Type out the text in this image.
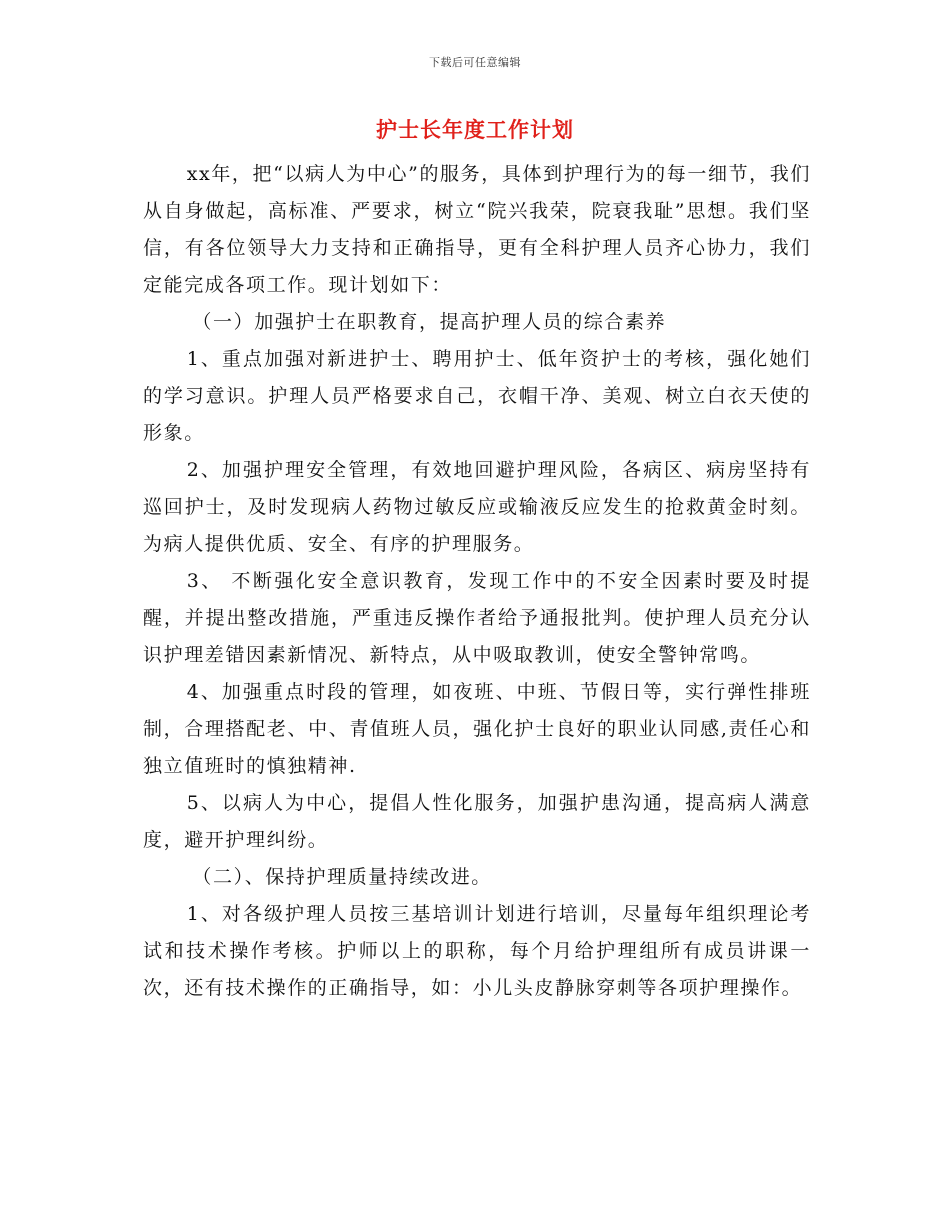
下载后可任意编辑
护士长年度工作计划

xx年，把“以病人为中心”的服务，具体到护理行为的每一细节，我们从自身做起，高标准、严要求，树立“院兴我荣，院衰我耻”思想。我们坚信，有各位领导大力支持和正确指导，更有全科护理人员齐心协力，我们定能完成各项工作。现计划如下：

（一）加强护士在职教育，提高护理人员的综合素养

1、重点加强对新进护士、聘用护士、低年资护士的考核，强化她们的学习意识。护理人员严格要求自己，衣帽干净、美观、树立白衣天使的形象。

2、加强护理安全管理，有效地回避护理风险，各病区、病房坚持有巡回护士，及时发现病人药物过敏反应或输液反应发生的抢救黄金时刻。为病人提供优质、安全、有序的护理服务。

3、 不断强化安全意识教育，发现工作中的不安全因素时要及时提醒，并提出整改措施，严重违反操作者给予通报批判。使护理人员充分认识护理差错因素新情况、新特点，从中吸取教训，使安全警钟常鸣。

4、加强重点时段的管理，如夜班、中班、节假日等，实行弹性排班制，合理搭配老、中、青值班人员，强化护士良好的职业认同感,责任心和独立值班时的慎独精神.

5、以病人为中心，提倡人性化服务，加强护患沟通，提高病人满意度，避开护理纠纷。

（二）、保持护理质量持续改进。

1、对各级护理人员按三基培训计划进行培训，尽量每年组织理论考试和技术操作考核。护师以上的职称，每个月给护理组所有成员讲课一次，还有技术操作的正确指导，如：小儿头皮静脉穿刺等各项护理操作。
